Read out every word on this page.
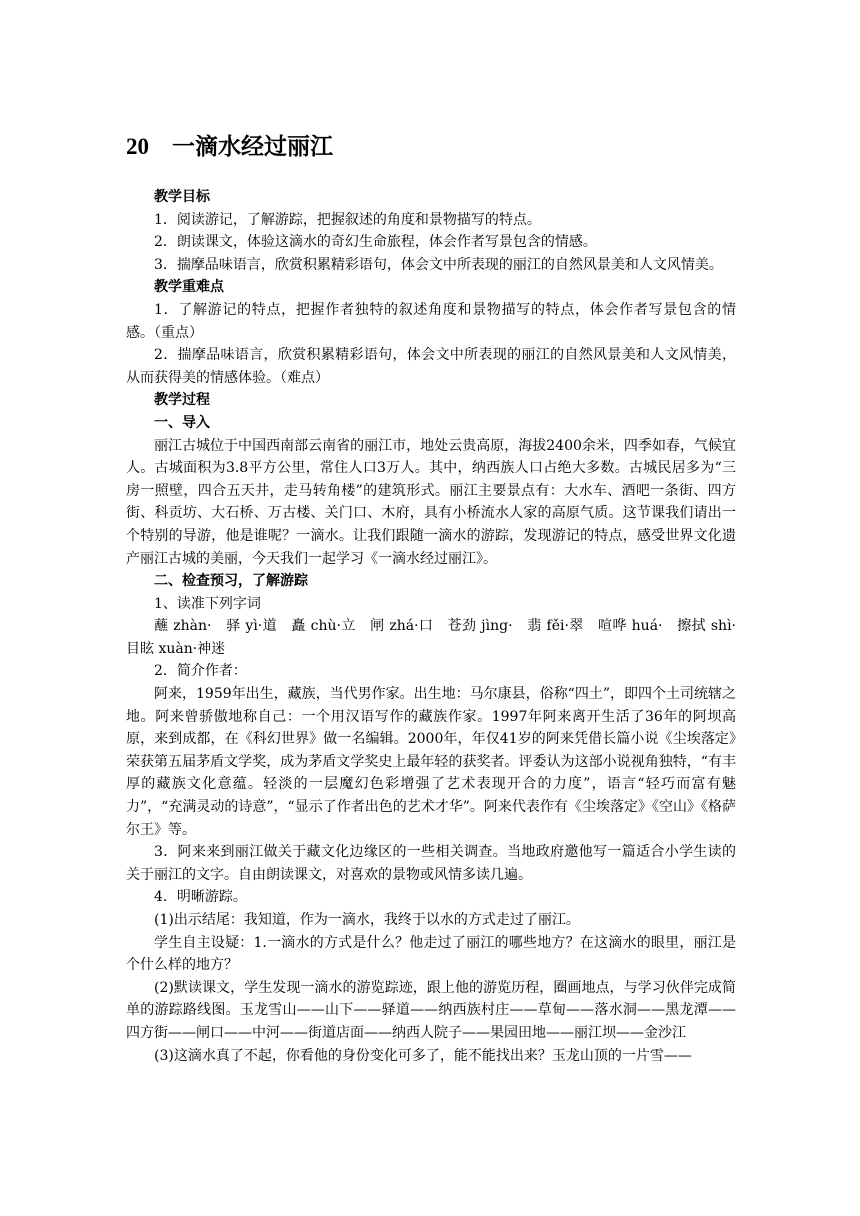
20 一滴水经过丽江

教学目标

1．阅读游记，了解游踪，把握叙述的角度和景物描写的特点。

2．朗读课文，体验这滴水的奇幻生命旅程，体会作者写景包含的情感。

3．揣摩品味语言，欣赏积累精彩语句，体会文中所表现的丽江的自然风景美和人文风情美。

教学重难点

1．了解游记的特点，把握作者独特的叙述角度和景物描写的特点，体会作者写景包含的情感。（重点）

2．揣摩品味语言，欣赏积累精彩语句，体会文中所表现的丽江的自然风景美和人文风情美，从而获得美的情感体验。（难点）

教学过程

一、导入

丽江古城位于中国西南部云南省的丽江市，地处云贵高原，海拔2400余米，四季如春，气候宜人。古城面积为3.8平方公里，常住人口3万人。其中，纳西族人口占绝大多数。古城民居多为“三房一照壁，四合五天井，走马转角楼”的建筑形式。丽江主要景点有：大水车、酒吧一条街、四方街、科贡坊、大石桥、万古楼、关门口、木府，具有小桥流水人家的高原气质。这节课我们请出一个特别的导游，他是谁呢？一滴水。让我们跟随一滴水的游踪，发现游记的特点，感受世界文化遗产丽江古城的美丽，今天我们一起学习《一滴水经过丽江》。

二、检查预习，了解游踪

1、读准下列字词

蘸 zhàn·　驿 yì·道　矗 chù·立　闸 zhá·口　苍劲 jìng·　翡 fěi·翠　喧哗 huá·　擦拭 shì·　目眩 xuàn·神迷

2．简介作者：

阿来，1959年出生，藏族，当代男作家。出生地：马尔康县，俗称“四土”，即四个土司统辖之地。阿来曾骄傲地称自己：一个用汉语写作的藏族作家。1997年阿来离开生活了36年的阿坝高原，来到成都，在《科幻世界》做一名编辑。2000年，年仅41岁的阿来凭借长篇小说《尘埃落定》荣获第五届茅盾文学奖，成为茅盾文学奖史上最年轻的获奖者。评委认为这部小说视角独特，“有丰厚的藏族文化意蕴。轻淡的一层魔幻色彩增强了艺术表现开合的力度”，语言“轻巧而富有魅力”，“充满灵动的诗意”，“显示了作者出色的艺术才华”。阿来代表作有《尘埃落定》《空山》《格萨尔王》等。

3．阿来来到丽江做关于藏文化边缘区的一些相关调查。当地政府邀他写一篇适合小学生读的关于丽江的文字。自由朗读课文，对喜欢的景物或风情多读几遍。

4．明晰游踪。

(1)出示结尾：我知道，作为一滴水，我终于以水的方式走过了丽江。

学生自主设疑：1.一滴水的方式是什么？他走过了丽江的哪些地方？在这滴水的眼里，丽江是个什么样的地方？

(2)默读课文，学生发现一滴水的游览踪迹，跟上他的游览历程，圈画地点，与学习伙伴完成简单的游踪路线图。玉龙雪山——山下——驿道——纳西族村庄——草甸——落水洞——黑龙潭——四方街——闸口——中河——街道店面——纳西人院子——果园田地——丽江坝——金沙江

(3)这滴水真了不起，你看他的身份变化可多了，能不能找出来？玉龙山顶的一片雪——
